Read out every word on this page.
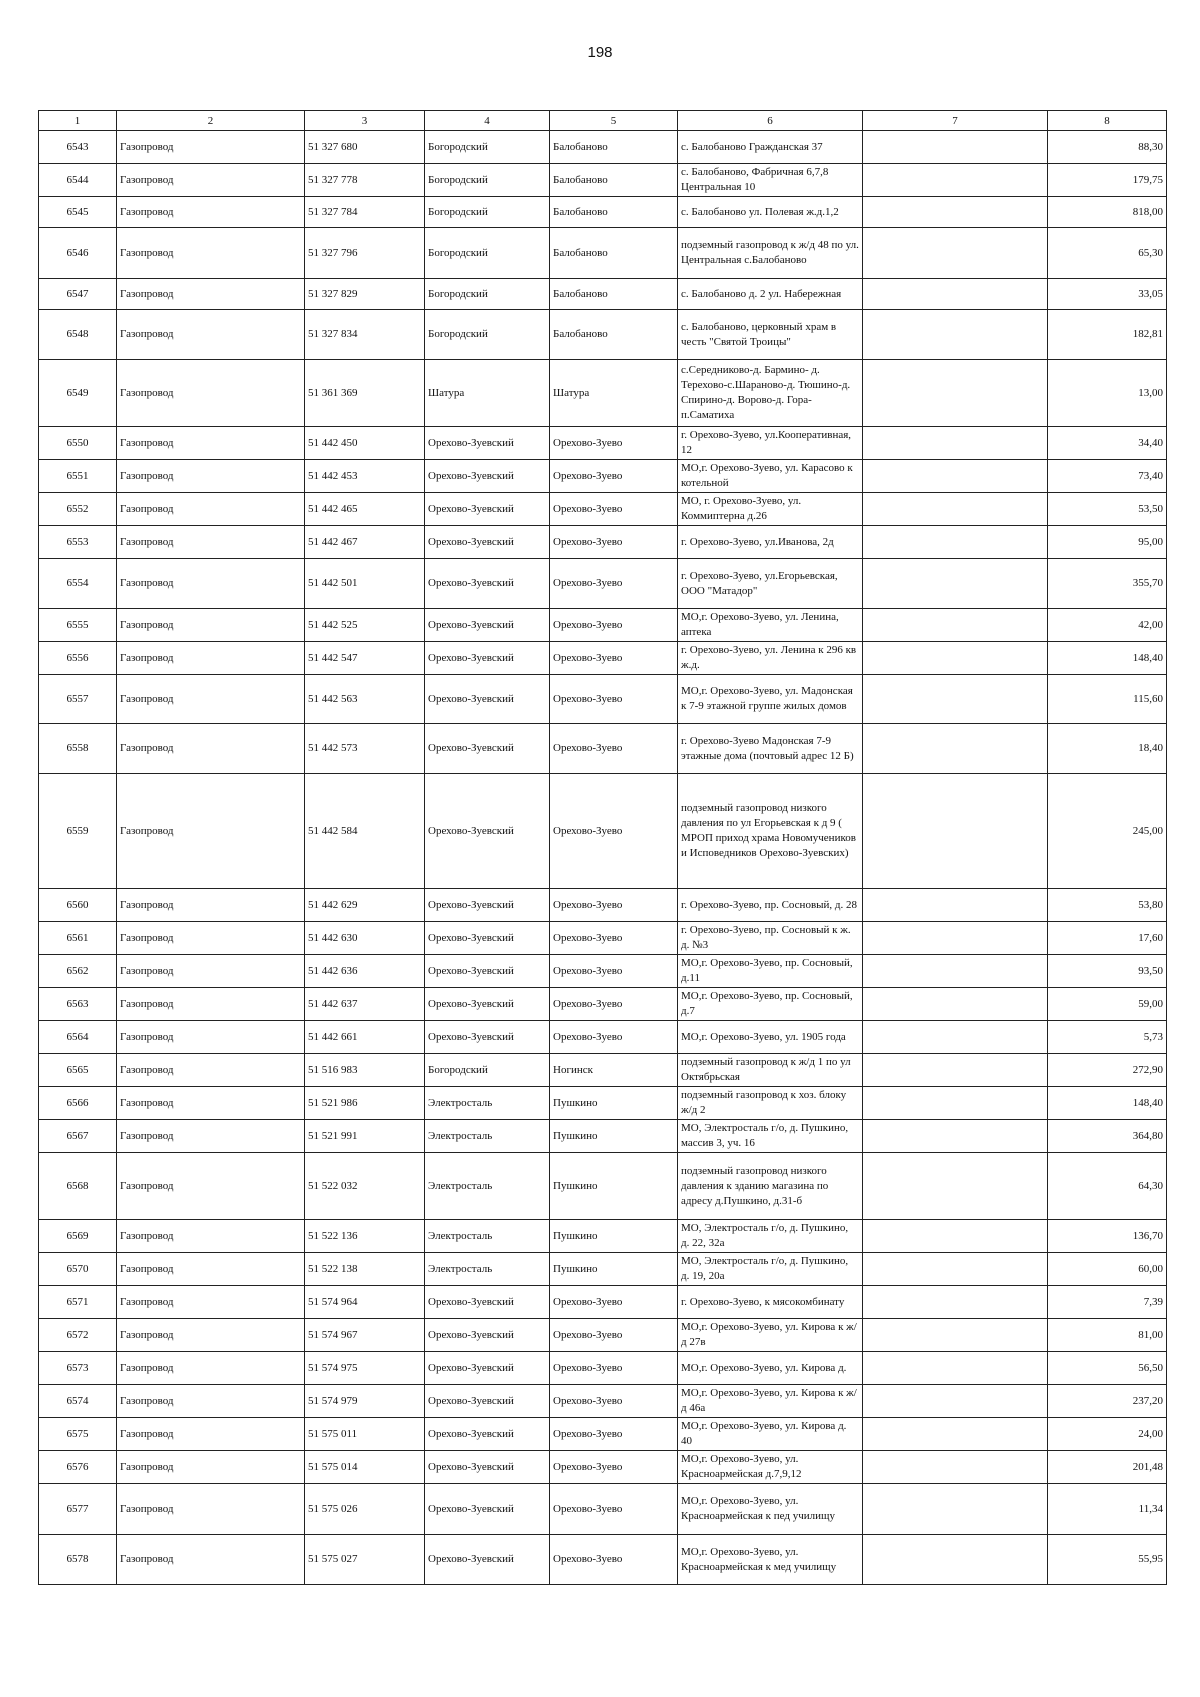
198
1	2	3	4	5	6	7	8
6543	Газопровод	51 327 680	Богородский	Балобаново	с. Балобаново Гражданская 37		88,30
6544	Газопровод	51 327 778	Богородский	Балобаново	с. Балобаново, Фабричная 6,7,8 Центральная 10		179,75
6545	Газопровод	51 327 784	Богородский	Балобаново	с. Балобаново ул. Полевая ж.д.1,2		818,00
6546	Газопровод	51 327 796	Богородский	Балобаново	подземный газопровод к ж/д 48 по ул. Центральная с.Балобаново		65,30
6547	Газопровод	51 327 829	Богородский	Балобаново	с. Балобаново д. 2 ул. Набережная		33,05
6548	Газопровод	51 327 834	Богородский	Балобаново	с. Балобаново, церковный храм в честь "Святой Троицы"		182,81
6549	Газопровод	51 361 369	Шатура	Шатура	с.Середниково-д. Бармино- д. Терехово-с.Шараново-д. Тюшино-д. Спирино-д. Ворово-д. Гора-п.Саматиха		13,00
6550	Газопровод	51 442 450	Орехово-Зуевский	Орехово-Зуево	г. Орехово-Зуево, ул.Кооперативная, 12		34,40
6551	Газопровод	51 442 453	Орехово-Зуевский	Орехово-Зуево	МО,г. Орехово-Зуево, ул. Карасово к котельной		73,40
6552	Газопровод	51 442 465	Орехово-Зуевский	Орехово-Зуево	МО, г. Орехово-Зуево, ул. Коммиптерна д.26		53,50
6553	Газопровод	51 442 467	Орехово-Зуевский	Орехово-Зуево	г. Орехово-Зуево, ул.Иванова, 2д		95,00
6554	Газопровод	51 442 501	Орехово-Зуевский	Орехово-Зуево	г. Орехово-Зуево, ул.Егорьевская, ООО "Матадор"		355,70
6555	Газопровод	51 442 525	Орехово-Зуевский	Орехово-Зуево	МО,г. Орехово-Зуево, ул. Ленина, аптека		42,00
6556	Газопровод	51 442 547	Орехово-Зуевский	Орехово-Зуево	г. Орехово-Зуево, ул. Ленина к 296 кв ж.д.		148,40
6557	Газопровод	51 442 563	Орехово-Зуевский	Орехово-Зуево	МО,г. Орехово-Зуево, ул. Мадонская к 7-9 этажной группе жилых домов		115,60
6558	Газопровод	51 442 573	Орехово-Зуевский	Орехово-Зуево	г. Орехово-Зуево Мадонская 7-9 этажные дома (почтовый адрес 12 Б)		18,40
6559	Газопровод	51 442 584	Орехово-Зуевский	Орехово-Зуево	подземный газопровод низкого давления по ул Егорьевская к д 9 ( МРОП приход храма Новомучеников и Исповедников Орехово-Зуевских)		245,00
6560	Газопровод	51 442 629	Орехово-Зуевский	Орехово-Зуево	г. Орехово-Зуево, пр. Сосновый, д. 28		53,80
6561	Газопровод	51 442 630	Орехово-Зуевский	Орехово-Зуево	г. Орехово-Зуево, пр. Сосновый к ж. д. №3		17,60
6562	Газопровод	51 442 636	Орехово-Зуевский	Орехово-Зуево	МО,г. Орехово-Зуево, пр. Сосновый, д.11		93,50
6563	Газопровод	51 442 637	Орехово-Зуевский	Орехово-Зуево	МО,г. Орехово-Зуево, пр. Сосновый, д.7		59,00
6564	Газопровод	51 442 661	Орехово-Зуевский	Орехово-Зуево	МО,г. Орехово-Зуево, ул. 1905 года		5,73
6565	Газопровод	51 516 983	Богородский	Ногинск	подземный газопровод к ж/д 1 по ул Октябрьская		272,90
6566	Газопровод	51 521 986	Электросталь	Пушкино	подземный газопровод к хоз. блоку ж/д 2		148,40
6567	Газопровод	51 521 991	Электросталь	Пушкино	МО, Электросталь г/о, д. Пушкино, массив 3, уч. 16		364,80
6568	Газопровод	51 522 032	Электросталь	Пушкино	подземный газопровод низкого давления к зданию магазина по адресу д.Пушкино, д.31-б		64,30
6569	Газопровод	51 522 136	Электросталь	Пушкино	МО, Электросталь г/о, д. Пушкино, д. 22, 32а		136,70
6570	Газопровод	51 522 138	Электросталь	Пушкино	МО, Электросталь г/о, д. Пушкино, д. 19, 20а		60,00
6571	Газопровод	51 574 964	Орехово-Зуевский	Орехово-Зуево	г. Орехово-Зуево, к мясокомбинату		7,39
6572	Газопровод	51 574 967	Орехово-Зуевский	Орехово-Зуево	МО,г. Орехово-Зуево, ул. Кирова к ж/д 27в		81,00
6573	Газопровод	51 574 975	Орехово-Зуевский	Орехово-Зуево	МО,г. Орехово-Зуево, ул. Кирова д.		56,50
6574	Газопровод	51 574 979	Орехово-Зуевский	Орехово-Зуево	МО,г. Орехово-Зуево, ул. Кирова к ж/д 46а		237,20
6575	Газопровод	51 575 011	Орехово-Зуевский	Орехово-Зуево	МО,г. Орехово-Зуево, ул. Кирова д. 40		24,00
6576	Газопровод	51 575 014	Орехово-Зуевский	Орехово-Зуево	МО,г. Орехово-Зуево, ул. Красноармейская д.7,9,12		201,48
6577	Газопровод	51 575 026	Орехово-Зуевский	Орехово-Зуево	МО,г. Орехово-Зуево, ул. Красноармейская к пед училищу		11,34
6578	Газопровод	51 575 027	Орехово-Зуевский	Орехово-Зуево	МО,г. Орехово-Зуево, ул. Красноармейская к мед училищу		55,95
